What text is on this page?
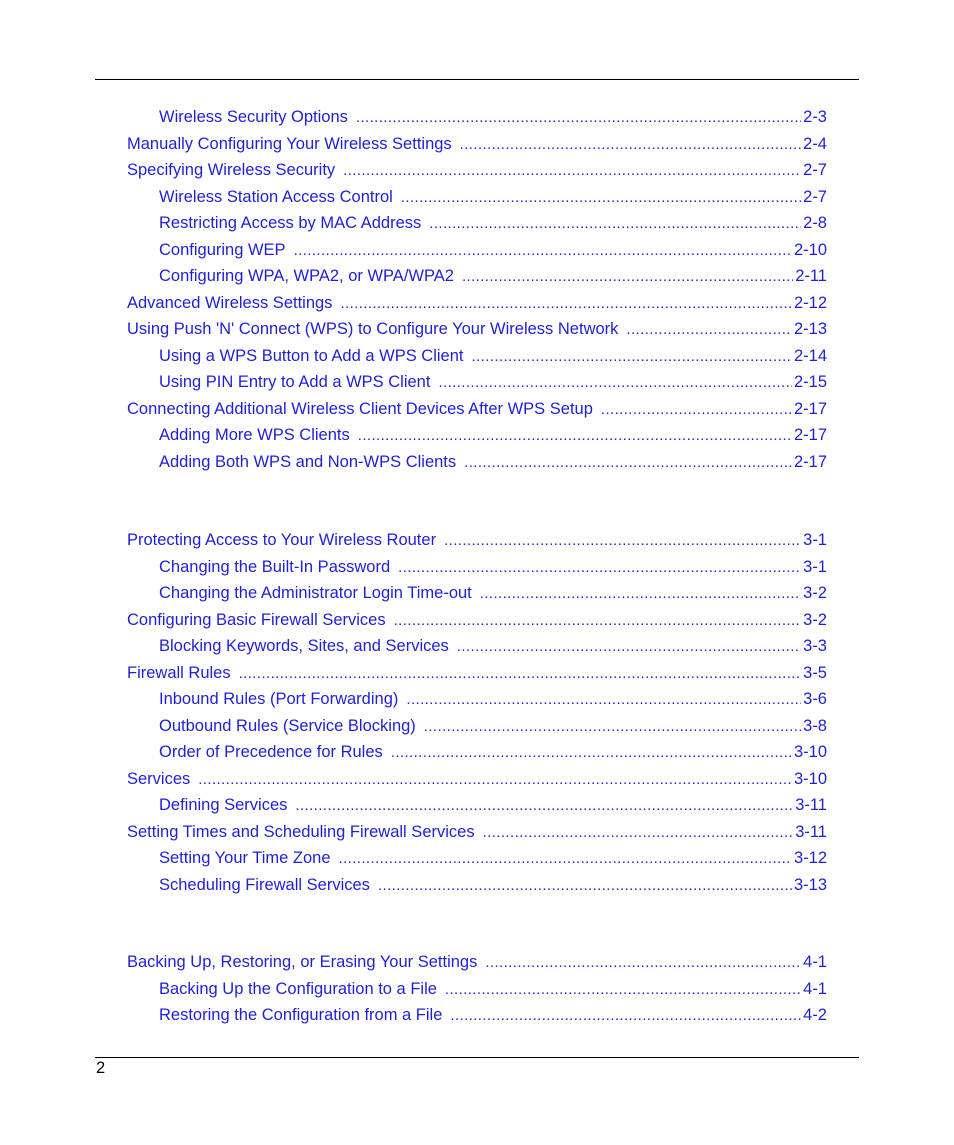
Wireless Security Options .....	2-3
Manually Configuring Your Wireless Settings .....	2-4
Specifying Wireless Security .....	2-7
Wireless Station Access Control .....	2-7
Restricting Access by MAC Address .....	2-8
Configuring WEP .....	2-10
Configuring WPA, WPA2, or WPA/WPA2 .....	2-11
Advanced Wireless Settings .....	2-12
Using Push 'N' Connect (WPS) to Configure Your Wireless Network .....	2-13
Using a WPS Button to Add a WPS Client .....	2-14
Using PIN Entry to Add a WPS Client .....	2-15
Connecting Additional Wireless Client Devices After WPS Setup .....	2-17
Adding More WPS Clients .....	2-17
Adding Both WPS and Non-WPS Clients .....	2-17
Protecting Access to Your Wireless Router .....	3-1
Changing the Built-In Password .....	3-1
Changing the Administrator Login Time-out .....	3-2
Configuring Basic Firewall Services .....	3-2
Blocking Keywords, Sites, and Services .....	3-3
Firewall Rules .....	3-5
Inbound Rules (Port Forwarding) .....	3-6
Outbound Rules (Service Blocking) .....	3-8
Order of Precedence for Rules .....	3-10
Services .....	3-10
Defining Services .....	3-11
Setting Times and Scheduling Firewall Services .....	3-11
Setting Your Time Zone .....	3-12
Scheduling Firewall Services .....	3-13
Backing Up, Restoring, or Erasing Your Settings .....	4-1
Backing Up the Configuration to a File .....	4-1
Restoring the Configuration from a File .....	4-2
2
